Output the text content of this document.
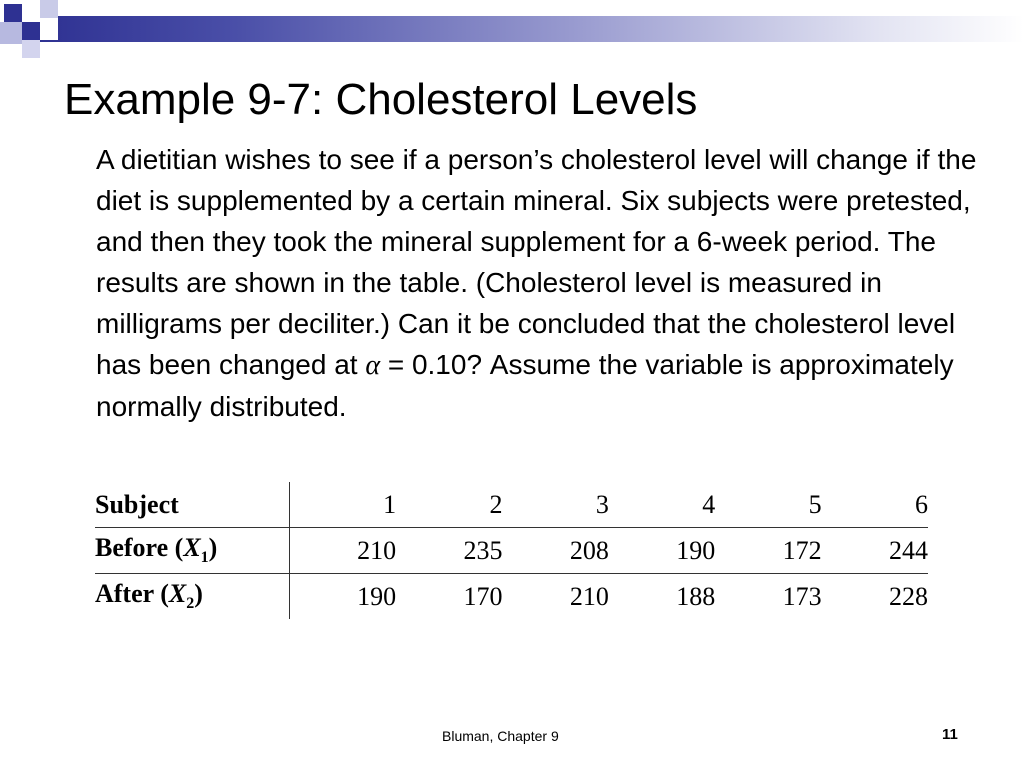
Example 9-7: Cholesterol Levels

A dietitian wishes to see if a person’s cholesterol level will change if the diet is supplemented by a certain mineral. Six subjects were pretested, and then they took the mineral supplement for a 6-week period. The results are shown in the table. (Cholesterol level is measured in milligrams per deciliter.) Can it be concluded that the cholesterol level has been changed at α = 0.10? Assume the variable is approximately normally distributed.

Subject	1	2	3	4	5	6
Before $(X_1)$	210	235	208	190	172	244
After $(X_2)$	190	170	210	188	173	228
Bluman, Chapter 9	11
